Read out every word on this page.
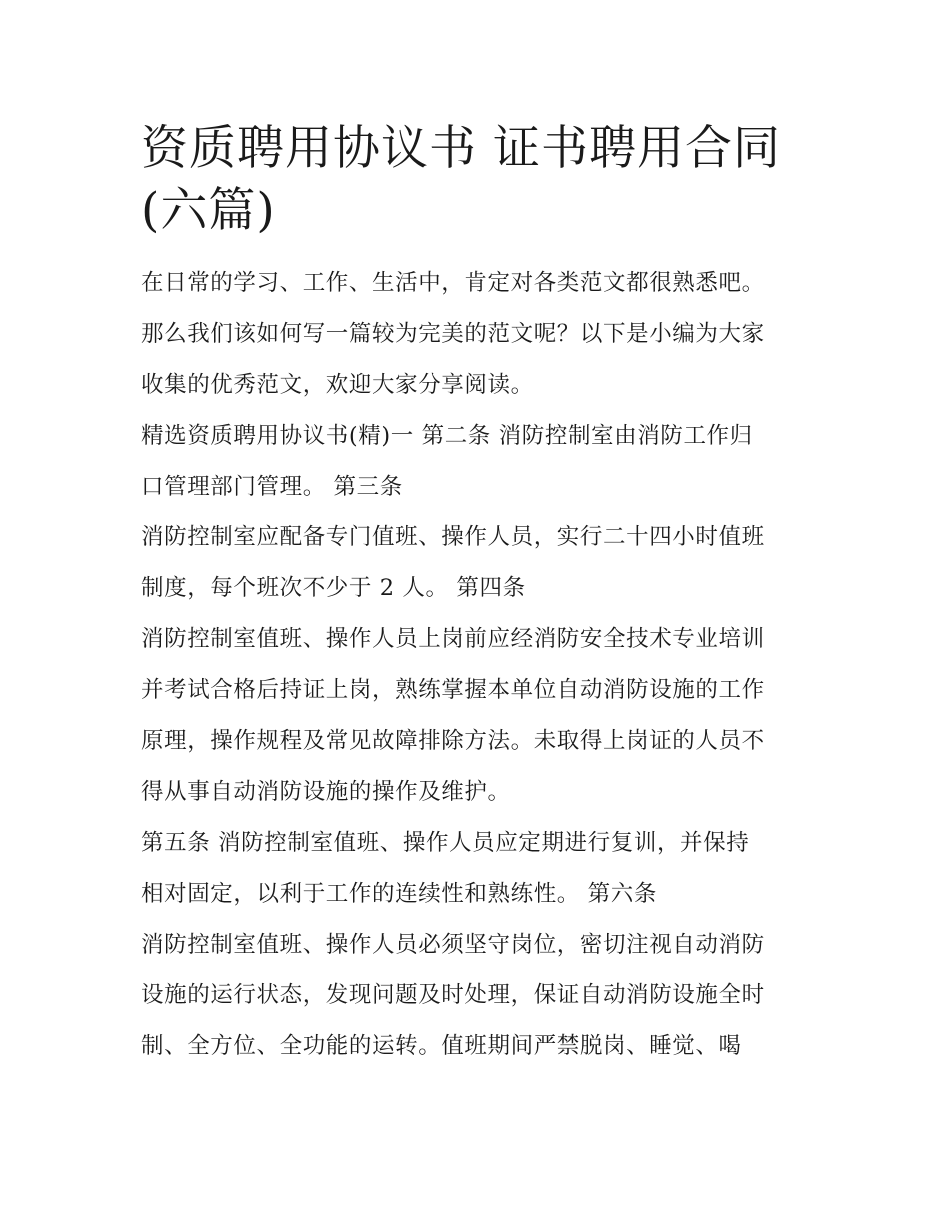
资质聘用协议书 证书聘用合同
(六篇)
在日常的学习、工作、生活中，肯定对各类范文都很熟悉吧。
那么我们该如何写一篇较为完美的范文呢？以下是小编为大家
收集的优秀范文，欢迎大家分享阅读。
精选资质聘用协议书(精)一 第二条 消防控制室由消防工作归
口管理部门管理。 第三条
消防控制室应配备专门值班、操作人员，实行二十四小时值班
制度，每个班次不少于 2 人。 第四条
消防控制室值班、操作人员上岗前应经消防安全技术专业培训
并考试合格后持证上岗，熟练掌握本单位自动消防设施的工作
原理，操作规程及常见故障排除方法。未取得上岗证的人员不
得从事自动消防设施的操作及维护。
第五条 消防控制室值班、操作人员应定期进行复训，并保持
相对固定，以利于工作的连续性和熟练性。 第六条
消防控制室值班、操作人员必须坚守岗位，密切注视自动消防
设施的运行状态，发现问题及时处理，保证自动消防设施全时
制、全方位、全功能的运转。值班期间严禁脱岗、睡觉、喝
